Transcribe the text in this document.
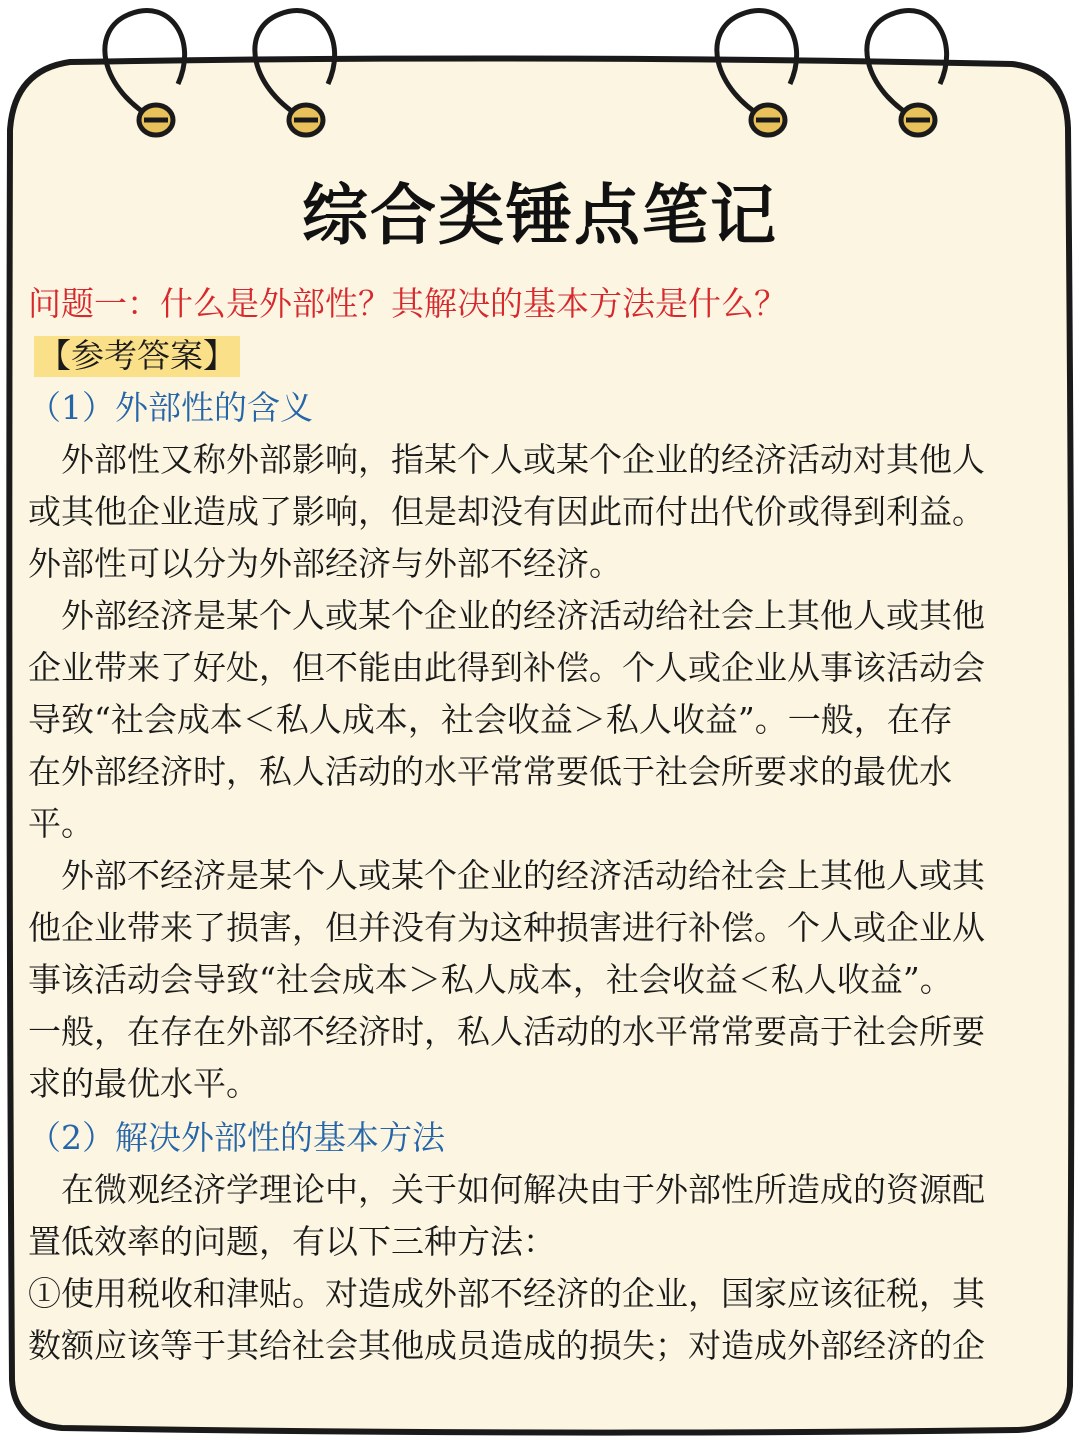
综合类锤点笔记
问题一：什么是外部性？其解决的基本方法是什么？
【参考答案】
（1）外部性的含义
　外部性又称外部影响，指某个人或某个企业的经济活动对其他人
或其他企业造成了影响，但是却没有因此而付出代价或得到利益。
外部性可以分为外部经济与外部不经济。
　外部经济是某个人或某个企业的经济活动给社会上其他人或其他
企业带来了好处，但不能由此得到补偿。个人或企业从事该活动会
导致“社会成本＜私人成本，社会收益＞私人收益”。一般，在存
在外部经济时，私人活动的水平常常要低于社会所要求的最优水
平。
　外部不经济是某个人或某个企业的经济活动给社会上其他人或其
他企业带来了损害，但并没有为这种损害进行补偿。个人或企业从
事该活动会导致“社会成本＞私人成本，社会收益＜私人收益”。
一般，在存在外部不经济时，私人活动的水平常常要高于社会所要
求的最优水平。
（2）解决外部性的基本方法
　在微观经济学理论中，关于如何解决由于外部性所造成的资源配
置低效率的问题，有以下三种方法：
①使用税收和津贴。对造成外部不经济的企业，国家应该征税，其
数额应该等于其给社会其他成员造成的损失；对造成外部经济的企
